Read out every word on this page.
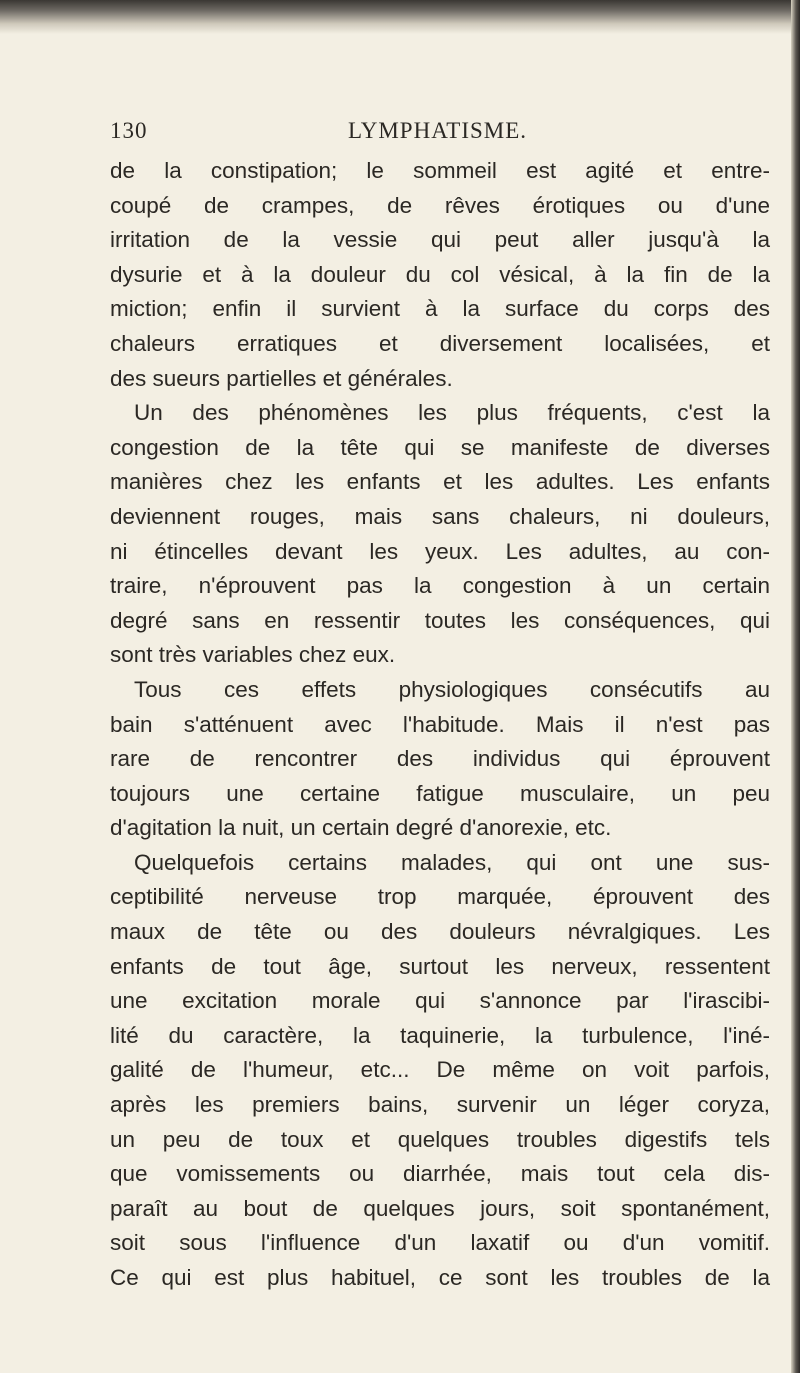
130	LYMPHATISME.
de la constipation; le sommeil est agité et entre-
coupé de crampes, de rêves érotiques ou d'une
irritation de la vessie qui peut aller jusqu'à la
dysurie et à la douleur du col vésical, à la fin de la
miction; enfin il survient à la surface du corps des
chaleurs erratiques et diversement localisées, et
des sueurs partielles et générales.
Un des phénomènes les plus fréquents, c'est la
congestion de la tête qui se manifeste de diverses
manières chez les enfants et les adultes. Les enfants
deviennent rouges, mais sans chaleurs, ni douleurs,
ni étincelles devant les yeux. Les adultes, au con-
traire, n'éprouvent pas la congestion à un certain
degré sans en ressentir toutes les conséquences, qui
sont très variables chez eux.
Tous ces effets physiologiques consécutifs au
bain s'atténuent avec l'habitude. Mais il n'est pas
rare de rencontrer des individus qui éprouvent
toujours une certaine fatigue musculaire, un peu
d'agitation la nuit, un certain degré d'anorexie, etc.
Quelquefois certains malades, qui ont une sus-
ceptibilité nerveuse trop marquée, éprouvent des
maux de tête ou des douleurs névralgiques. Les
enfants de tout âge, surtout les nerveux, ressentent
une excitation morale qui s'annonce par l'irascibi-
lité du caractère, la taquinerie, la turbulence, l'iné-
galité de l'humeur, etc... De même on voit parfois,
après les premiers bains, survenir un léger coryza,
un peu de toux et quelques troubles digestifs tels
que vomissements ou diarrhée, mais tout cela dis-
paraît au bout de quelques jours, soit spontanément,
soit sous l'influence d'un laxatif ou d'un vomitif.
Ce qui est plus habituel, ce sont les troubles de la
